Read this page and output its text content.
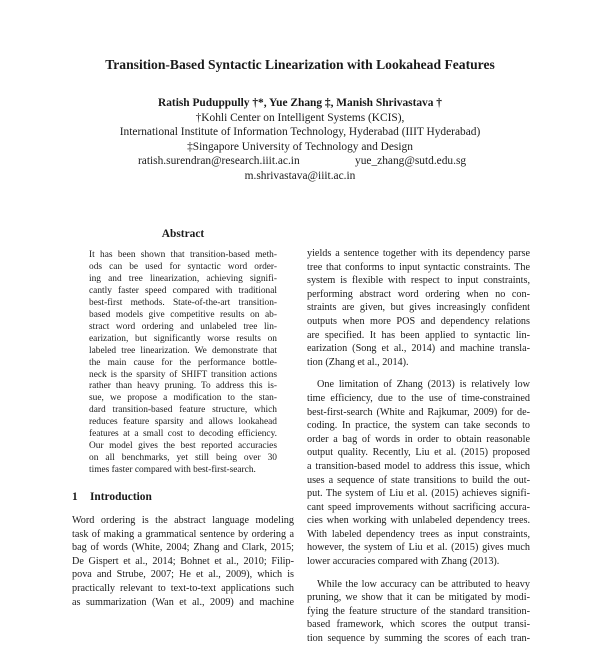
Transition-Based Syntactic Linearization with Lookahead Features
Ratish Puduppully †*, Yue Zhang ‡, Manish Shrivastava †
†Kohli Center on Intelligent Systems (KCIS),
International Institute of Information Technology, Hyderabad (IIIT Hyderabad)
‡Singapore University of Technology and Design
ratish.surendran@research.iiit.ac.in	yue_zhang@sutd.edu.sg
m.shrivastava@iiit.ac.in
Abstract
It has been shown that transition-based meth-
ods can be used for syntactic word order-
ing and tree linearization, achieving signifi-
cantly faster speed compared with traditional
best-first methods. State-of-the-art transition-
based models give competitive results on ab-
stract word ordering and unlabeled tree lin-
earization, but significantly worse results on
labeled tree linearization. We demonstrate that
the main cause for the performance bottle-
neck is the sparsity of SHIFT transition actions
rather than heavy pruning. To address this is-
sue, we propose a modification to the stan-
dard transition-based feature structure, which
reduces feature sparsity and allows lookahead
features at a small cost to decoding efficiency.
Our model gives the best reported accuracies
on all benchmarks, yet still being over 30
times faster compared with best-first-search.
1 Introduction
Word ordering is the abstract language modeling
task of making a grammatical sentence by ordering a
bag of words (White, 2004; Zhang and Clark, 2015;
De Gispert et al., 2014; Bohnet et al., 2010; Filip-
pova and Strube, 2007; He et al., 2009), which is
practically relevant to text-to-text applications such
as summarization (Wan et al., 2009) and machine
yields a sentence together with its dependency parse
tree that conforms to input syntactic constraints. The
system is flexible with respect to input constraints,
performing abstract word ordering when no con-
straints are given, but gives increasingly confident
outputs when more POS and dependency relations
are specified. It has been applied to syntactic lin-
earization (Song et al., 2014) and machine transla-
tion (Zhang et al., 2014).
One limitation of Zhang (2013) is relatively low
time efficiency, due to the use of time-constrained
best-first-search (White and Rajkumar, 2009) for de-
coding. In practice, the system can take seconds to
order a bag of words in order to obtain reasonable
output quality. Recently, Liu et al. (2015) proposed
a transition-based model to address this issue, which
uses a sequence of state transitions to build the out-
put. The system of Liu et al. (2015) achieves signifi-
cant speed improvements without sacrificing accura-
cies when working with unlabeled dependency trees.
With labeled dependency trees as input constraints,
however, the system of Liu et al. (2015) gives much
lower accuracies compared with Zhang (2013).
While the low accuracy can be attributed to heavy
pruning, we show that it can be mitigated by modi-
fying the feature structure of the standard transition-
based framework, which scores the output transi-
tion sequence by summing the scores of each tran-
